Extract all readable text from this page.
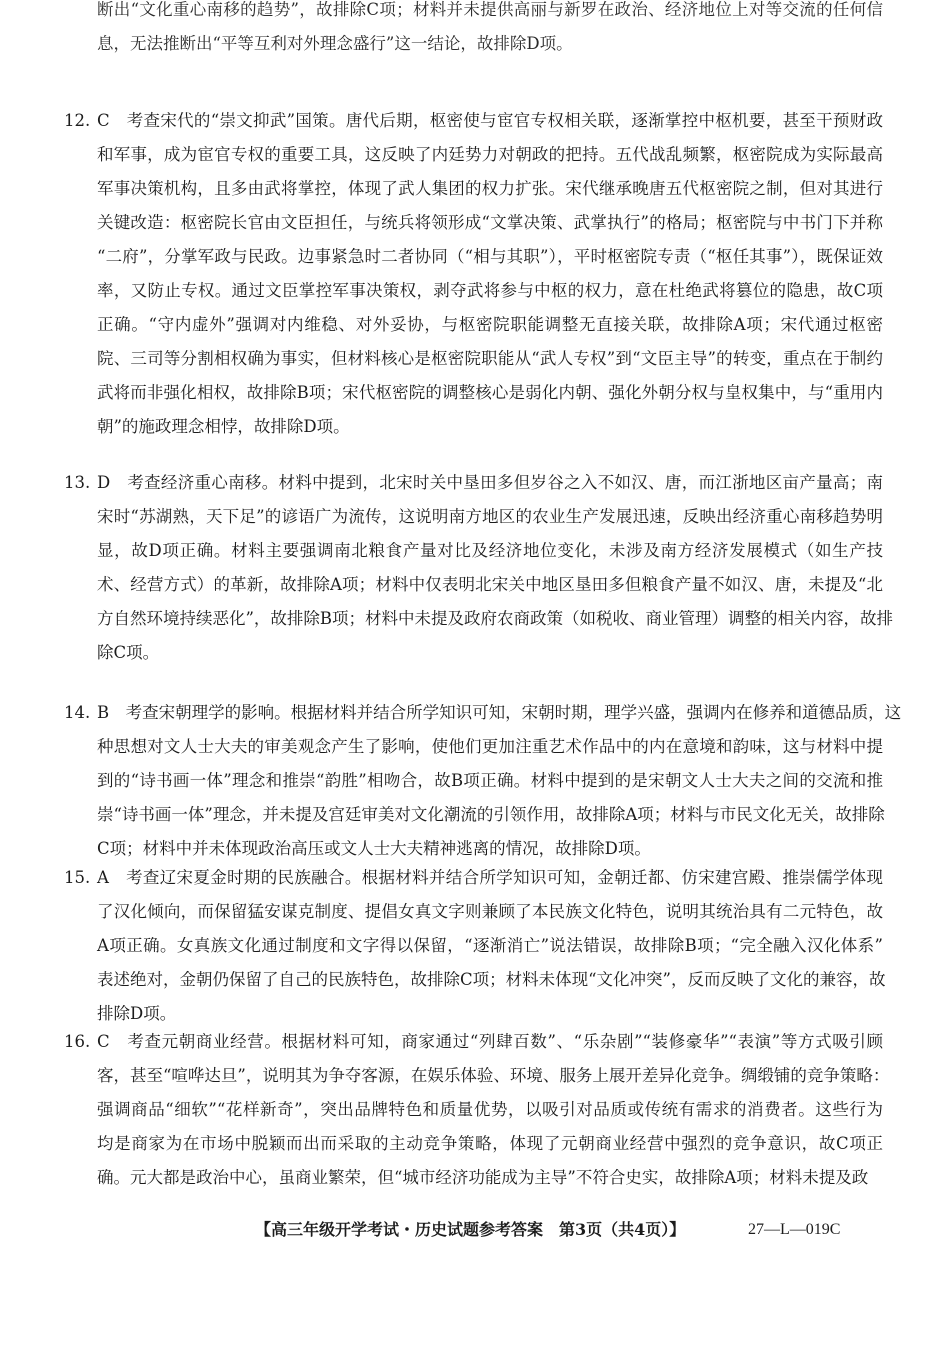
断出“文化重心南移的趋势”，故排除C项；材料并未提供高丽与新罗在政治、经济地位上对等交流的任何信
息，无法推断出“平等互利对外理念盛行”这一结论，故排除D项。
12. C　考查宋代的“崇文抑武”国策。唐代后期，枢密使与宦官专权相关联，逐渐掌控中枢机要，甚至干预财政
和军事，成为宦官专权的重要工具，这反映了内廷势力对朝政的把持。五代战乱频繁，枢密院成为实际最高
军事决策机构，且多由武将掌控，体现了武人集团的权力扩张。宋代继承晚唐五代枢密院之制，但对其进行
关键改造：枢密院长官由文臣担任，与统兵将领形成“文掌决策、武掌执行”的格局；枢密院与中书门下并称
“二府”，分掌军政与民政。边事紧急时二者协同（“相与其职”），平时枢密院专责（“枢任其事”），既保证效
率，又防止专权。通过文臣掌控军事决策权，剥夺武将参与中枢的权力，意在杜绝武将篡位的隐患，故C项
正确。“守内虚外”强调对内维稳、对外妥协，与枢密院职能调整无直接关联，故排除A项；宋代通过枢密
院、三司等分割相权确为事实，但材料核心是枢密院职能从“武人专权”到“文臣主导”的转变，重点在于制约
武将而非强化相权，故排除B项；宋代枢密院的调整核心是弱化内朝、强化外朝分权与皇权集中，与“重用内
朝”的施政理念相悖，故排除D项。
13. D　考查经济重心南移。材料中提到，北宋时关中垦田多但岁谷之入不如汉、唐，而江浙地区亩产量高；南
宋时“苏湖熟，天下足”的谚语广为流传，这说明南方地区的农业生产发展迅速，反映出经济重心南移趋势明
显，故D项正确。材料主要强调南北粮食产量对比及经济地位变化，未涉及南方经济发展模式（如生产技
术、经营方式）的革新，故排除A项；材料中仅表明北宋关中地区垦田多但粮食产量不如汉、唐，未提及“北
方自然环境持续恶化”，故排除B项；材料中未提及政府农商政策（如税收、商业管理）调整的相关内容，故排
除C项。
14. B　考查宋朝理学的影响。根据材料并结合所学知识可知，宋朝时期，理学兴盛，强调内在修养和道德品质，这
种思想对文人士大夫的审美观念产生了影响，使他们更加注重艺术作品中的内在意境和韵味，这与材料中提
到的“诗书画一体”理念和推崇“韵胜”相吻合，故B项正确。材料中提到的是宋朝文人士大夫之间的交流和推
崇“诗书画一体”理念，并未提及宫廷审美对文化潮流的引领作用，故排除A项；材料与市民文化无关，故排除
C项；材料中并未体现政治高压或文人士大夫精神逃离的情况，故排除D项。
15. A　考查辽宋夏金时期的民族融合。根据材料并结合所学知识可知，金朝迁都、仿宋建宫殿、推崇儒学体现
了汉化倾向，而保留猛安谋克制度、提倡女真文字则兼顾了本民族文化特色，说明其统治具有二元特色，故
A项正确。女真族文化通过制度和文字得以保留，“逐渐消亡”说法错误，故排除B项；“完全融入汉化体系”
表述绝对，金朝仍保留了自己的民族特色，故排除C项；材料未体现“文化冲突”，反而反映了文化的兼容，故
排除D项。
16. C　考查元朝商业经营。根据材料可知，商家通过“列肆百数”、“乐杂剧”“装修豪华”“表演”等方式吸引顾
客，甚至“喧哗达旦”，说明其为争夺客源，在娱乐体验、环境、服务上展开差异化竞争。绸缎铺的竞争策略：
强调商品“细软”“花样新奇”，突出品牌特色和质量优势，以吸引对品质或传统有需求的消费者。这些行为
均是商家为在市场中脱颖而出而采取的主动竞争策略，体现了元朝商业经营中强烈的竞争意识，故C项正
确。元大都是政治中心，虽商业繁荣，但“城市经济功能成为主导”不符合史实，故排除A项；材料未提及政
【高三年级开学考试・历史试题参考答案　第3页（共4页）】	27—L—019C
